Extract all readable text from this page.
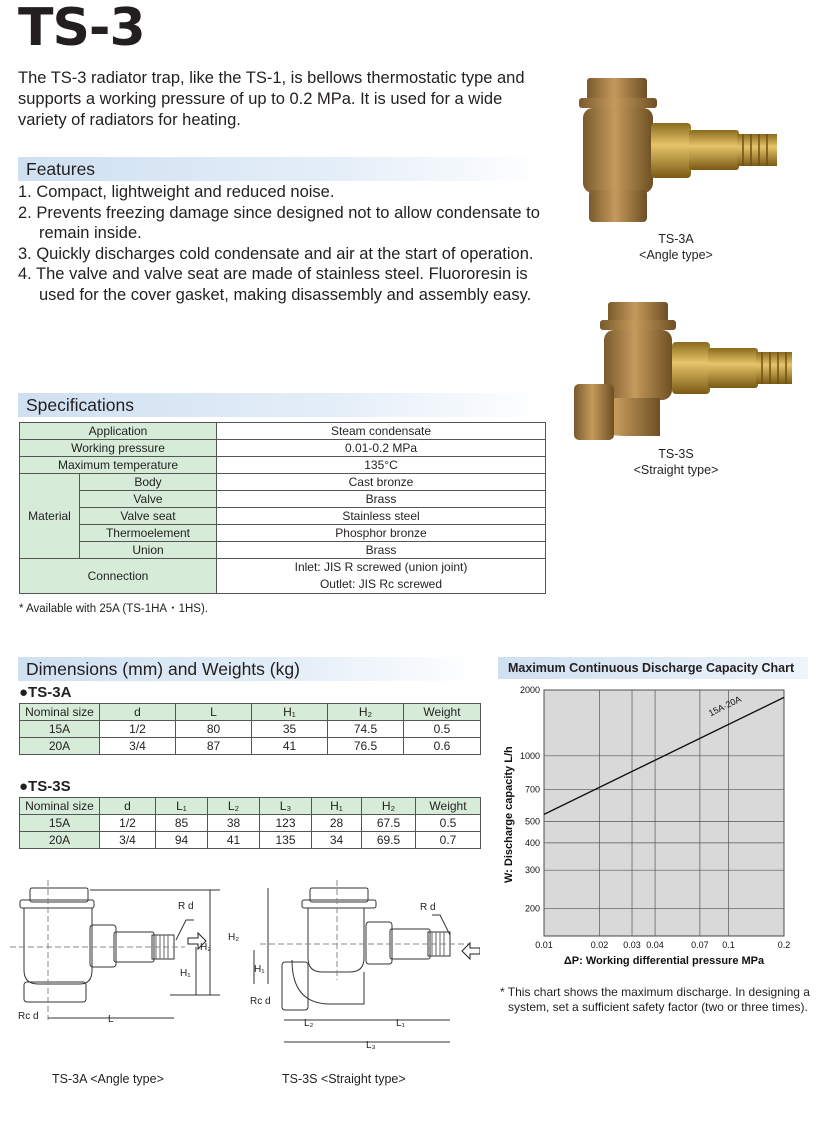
TS-3
The TS-3 radiator trap, like the TS-1, is bellows thermostatic type and supports a working pressure of up to 0.2 MPa. It is used for a wide variety of radiators for heating.
Features
1. Compact, lightweight and reduced noise.
2. Prevents freezing damage since designed not to allow condensate to remain inside.
3. Quickly discharges cold condensate and air at the start of operation.
4. The valve and valve seat are made of stainless steel. Fluororesin is used for the cover gasket, making disassembly and assembly easy.
TS-3A
<Angle type>
TS-3S
<Straight type>
Specifications
Application		Steam condensate
Working pressure		0.01-0.2 MPa
Maximum temperature		135°C
Material	Body	Cast bronze
	Valve	Brass
	Valve seat	Stainless steel
	Thermoelement	Phosphor bronze
	Union	Brass
Connection		Inlet: JIS R screwed (union joint)
Outlet: JIS Rc screwed
* Available with 25A (TS-1HA・1HS).
Dimensions (mm) and Weights (kg)
●TS-3A
Nominal size	d	L	H₁	H₂	Weight
15A	1/2	80	35	74.5	0.5
20A	3/4	87	41	76.5	0.6
●TS-3S
Nominal size	d	L₁	L₂	L₃	H₁	H₂	Weight
15A	1/2	85	38	123	28	67.5	0.5
20A	3/4	94	41	135	34	69.5	0.7
R d
L
H₁
H₂
Rc d
R d
H₂
H₁
L₂	L₁
L₃
Rc d
TS-3A <Angle type>	TS-3S <Straight type>
Maximum Continuous Discharge Capacity Chart
0.01	0.02 0.03 0.04	0.07 0.1	0.2
200
300
400
500
700
1000
2000
15A·20A
W: Discharge capacity L/h
ΔP: Working differential pressure MPa
* This chart shows the maximum discharge. In designing a system, set a sufficient safety factor (two or three times).
